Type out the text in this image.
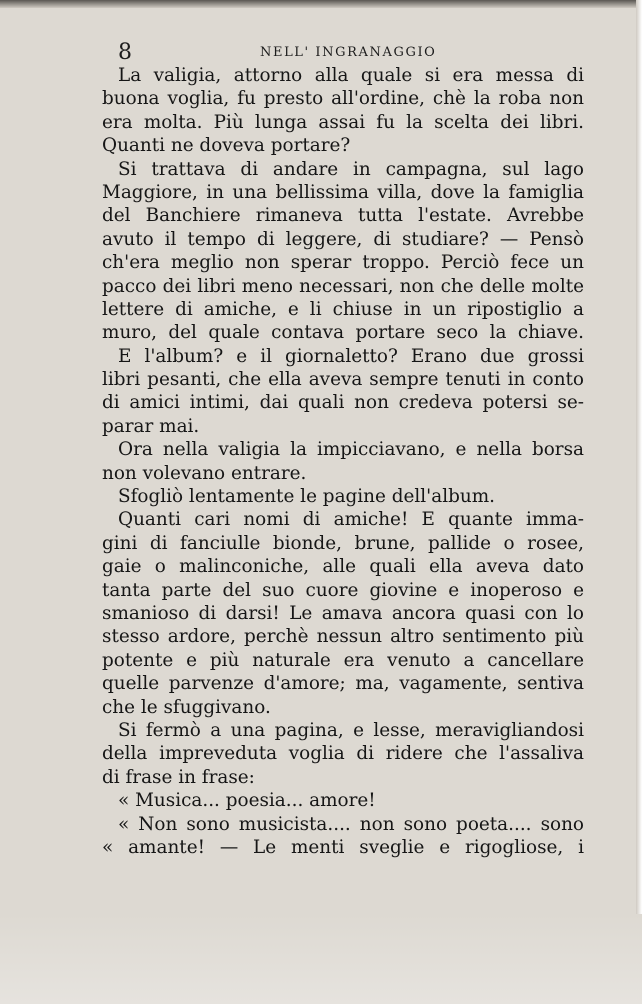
8	NELL' INGRANAGGIO
La valigia, attorno alla quale si era messa di
buona voglia, fu presto all'ordine, chè la roba non
era molta. Più lunga assai fu la scelta dei libri.
Quanti ne doveva portare?
Si trattava di andare in campagna, sul lago
Maggiore, in una bellissima villa, dove la famiglia
del Banchiere rimaneva tutta l'estate. Avrebbe
avuto il tempo di leggere, di studiare? — Pensò
ch'era meglio non sperar troppo. Perciò fece un
pacco dei libri meno necessari, non che delle molte
lettere di amiche, e li chiuse in un ripostiglio a
muro, del quale contava portare seco la chiave.
E l'album? e il giornaletto? Erano due grossi
libri pesanti, che ella aveva sempre tenuti in conto
di amici intimi, dai quali non credeva potersi se-
parar mai.
Ora nella valigia la impicciavano, e nella borsa
non volevano entrare.
Sfogliò lentamente le pagine dell'album.
Quanti cari nomi di amiche! E quante imma-
gini di fanciulle bionde, brune, pallide o rosee,
gaie o malinconiche, alle quali ella aveva dato
tanta parte del suo cuore giovine e inoperoso e
smanioso di darsi! Le amava ancora quasi con lo
stesso ardore, perchè nessun altro sentimento più
potente e più naturale era venuto a cancellare
quelle parvenze d'amore; ma, vagamente, sentiva
che le sfuggivano.
Si fermò a una pagina, e lesse, meravigliandosi
della impreveduta voglia di ridere che l'assaliva
di frase in frase:
« Musica... poesia... amore!
« Non sono musicista.... non sono poeta.... sono
« amante! — Le menti sveglie e rigogliose, i
